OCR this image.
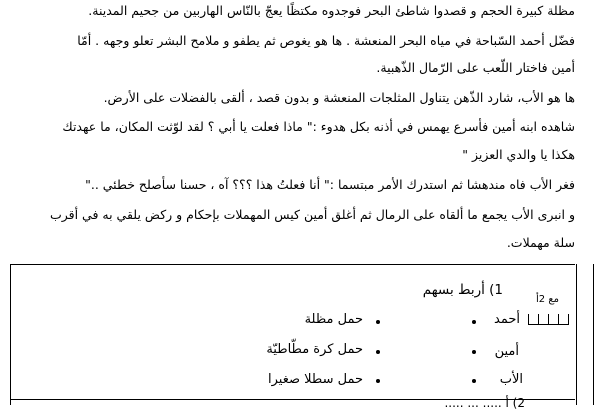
مظلة كبيرة الحجم و قصدوا شاطئ البحر فوجدوه مكتظًا يعجّ بالنّاس الهاربين من جحيم المدينة.
فضّل أحمد السّباحة في مياه البحر المنعشة . ها هو يغوص ثم يطفو و ملامح البشر تعلو وجهه . أمّا
أمين فاختار اللّعب على الرّمال الذّهبية.
ها هو الأب، شارد الذّهن يتناول المثلجات المنعشة و بدون قصد ، ألقى بالفضلات على الأرض.
شاهده ابنه أمين فأسرع يهمس في أذنه بكل هدوء :" ماذا فعلت يا أبي ؟ لقد لوّثت المكان، ما عهدتك
هكذا يا والدي العزيز "
فغر الأب فاه مندهشا ثم استدرك الأمر مبتسما :" أنا فعلتُ هذا ؟؟؟ آه ، حسنا سأصلح خطئي .."
و انبرى الأب يجمع ما ألقاه على الرمال ثم أغلق أمين كيس المهملات بإحكام و ركض يلقي به في أقرب
سلة مهملات.
مع 2أ
1) أربط بسهم
أحمد
أمين
الأب
حمل مظلة
حمل كرة مطّاطيّة
حمل سطلا صغيرا
2) أ ..... ... .....
